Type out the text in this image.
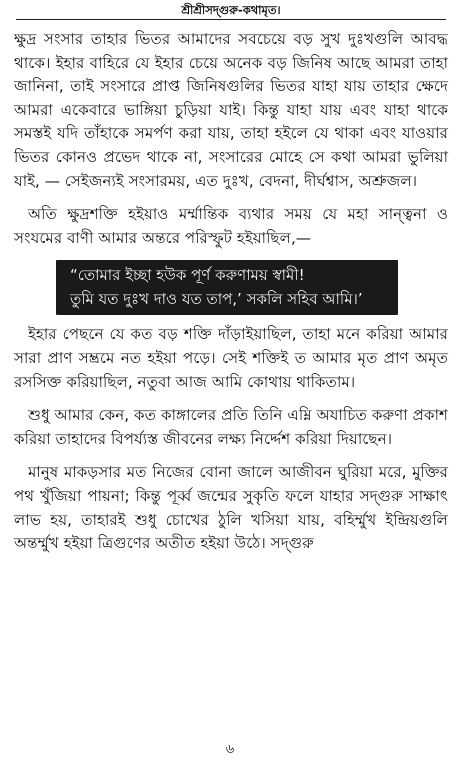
শ্রীশ্রীসদ্গুরু-কথামৃত।

ক্ষুদ্র সংসার তাহার ভিতর আমাদের সবচেয়ে বড় সুখ দুঃখগুলি আবদ্ধ থাকে। ইহার বাহিরে যে ইহার চেয়ে অনেক বড় জিনিষ আছে আমরা তাহা জানিনা, তাই সংসারে প্রাপ্ত জিনিষগুলির ভিতর যাহা যায় তাহার ক্ষেদে আমরা একেবারে ভাঙ্গিয়া চুড়িয়া যাই। কিন্তু যাহা যায় এবং যাহা থাকে সমস্তই যদি তাঁহাকে সমর্পণ করা যায়, তাহা হইলে যে থাকা এবং যাওয়ার ভিতর কোনও প্রভেদ থাকে না, সংসারের মোহে সে কথা আমরা ভুলিয়া যাই, — সেইজন্যই সংসারময়, এত দুঃখ, বেদনা, দীর্ঘশ্বাস, অশ্রুজল।

অতি ক্ষুদ্রশক্তি হইয়াও মর্ম্মান্তিক ব্যথার সময় যে মহা সান্ত্বনা ও সংযমের বাণী আমার অন্তরে পরিস্ফুট হইয়াছিল,—

“তোমার ইচ্ছা হউক পূর্ণ করুণাময় স্বামী!
তুমি যত দুঃখ দাও যত তাপ,’ সকলি সহিব আমি।’

ইহার পেছনে যে কত বড় শক্তি দাঁড়াইয়াছিল, তাহা মনে করিয়া আমার সারা প্রাণ সম্ভ্রমে নত হইয়া পড়ে। সেই শক্তিই ত আমার মৃত প্রাণ অমৃত রসসিক্ত করিয়াছিল, নতুবা আজ আমি কোথায় থাকিতাম।

শুধু আমার কেন, কত কাঙ্গালের প্রতি তিনি এম্নি অযাচিত করুণা প্রকাশ করিয়া তাহাদের বিপর্য্যস্ত জীবনের লক্ষ্য নির্দ্দেশ করিয়া দিয়াছেন।

মানুষ মাকড়সার মত নিজের বোনা জালে আজীবন ঘুরিয়া মরে, মুক্তির পথ খুঁজিয়া পায়না; কিন্তু পূর্ব্ব জন্মের সুকৃতি ফলে যাহার সদ্গুরু সাক্ষাৎ লাভ হয়, তাহারই শুধু চোখের ঠুলি খসিয়া যায়, বহির্ম্মুখ ইন্দ্রিয়গুলি অন্তর্ম্মুখ হইয়া ত্রিগুণের অতীত হইয়া উঠে। সদ্গুরু

৬
